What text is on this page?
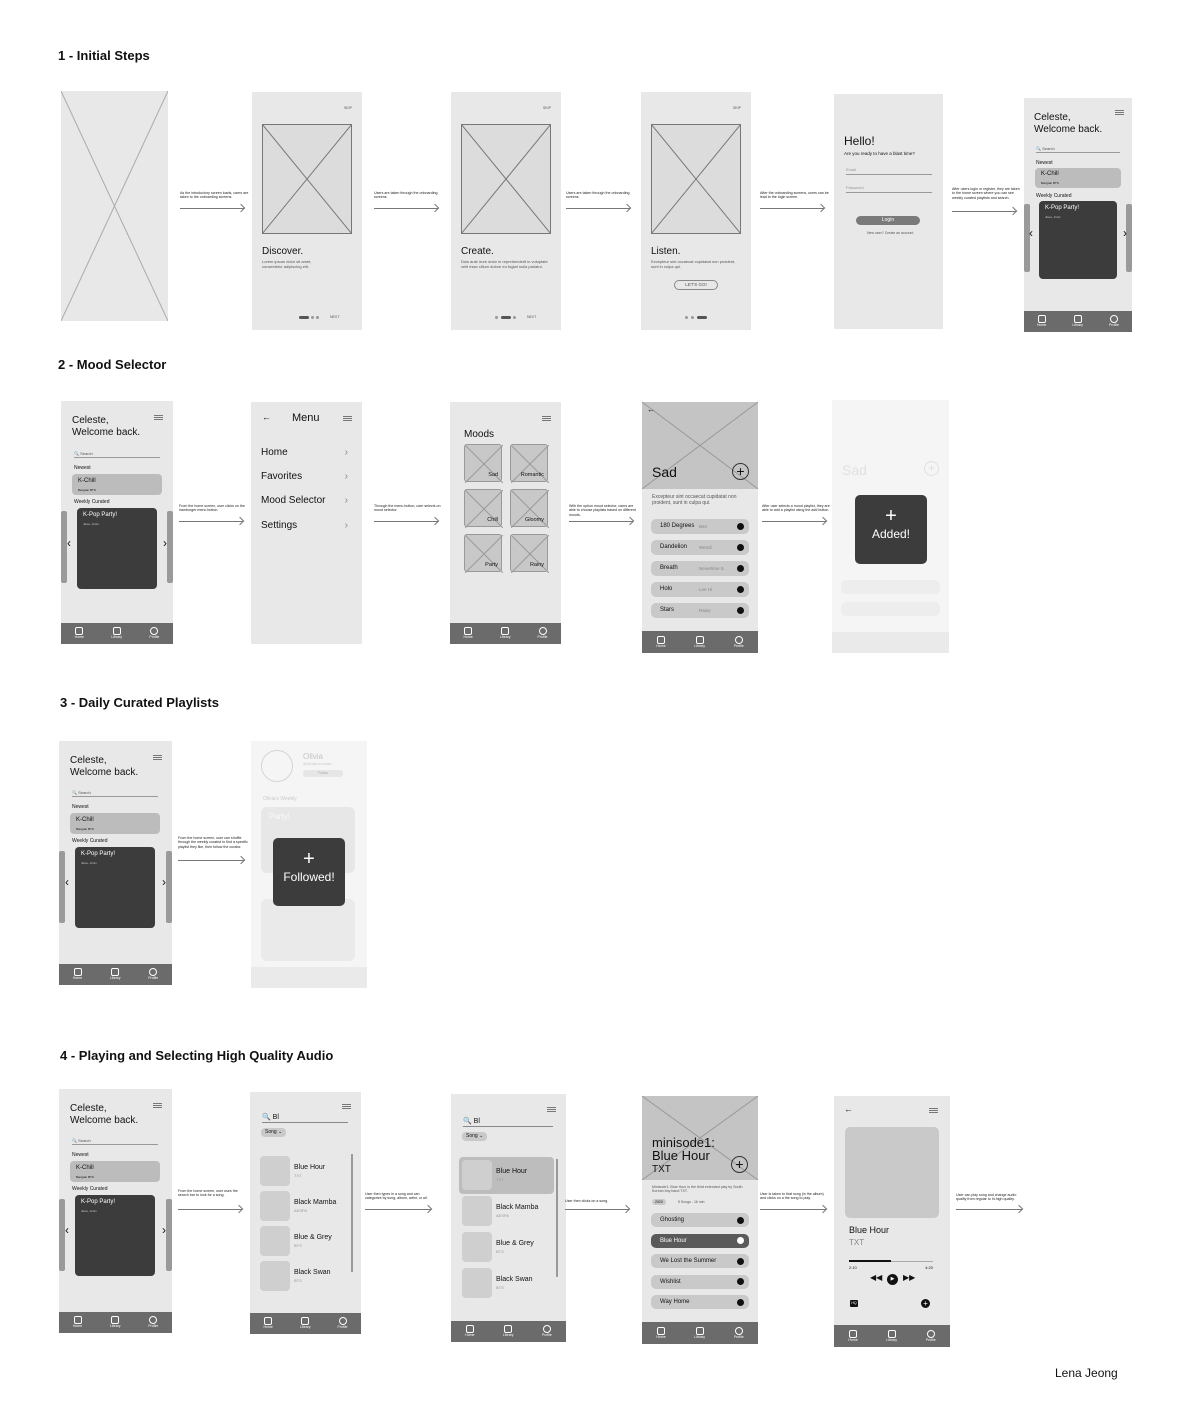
1 - Initial Steps
2 - Mood Selector
3 - Daily Curated Playlists
4 - Playing and Selecting High Quality Audio
As the introductory screen loads, users are taken to the onboarding screens.
SKIP
Discover.
Lorem ipsum dolor sit amet, consectetur adipiscing elit.
NEXT
Users are taken through the onboarding screens.
SKIP
Create.
Duis aute irure dolor in reprehenderit in voluptate velit esse cillum dolore eu fugiat nulla pariatur.
NEXT
Users are taken through the onboarding screens.
SKIP
Listen.
Excepteur sint occaecat cupidatat non proident, sunt in culpa qui.
LET'S GO!
After the onboarding screens, users can be lead to the login screen.
Hello!
Are you ready to have a blast time?
Email
Password
Login
New user? Create an account
After users login or register, they are taken to the home screen where you can see weekly curated playlists and search.
Celeste,
Welcome back.
🔍 Search
Newest
K-Chill
Bangtan BTS
Weekly Curated
K-Pop Party!
Jisoo, Jimin
‹	›
Home	Library	Profile
Celeste,
Welcome back.
🔍 Search
Newest
K-Chill
Bangtan BTS
Weekly Curated
K-Pop Party!
Jisoo, Jimin
‹	›
Home	Library	Profile
From the home screen, user clicks on the hamburger menu button.
← Menu
Home	›
Favorites	›
Mood Selector ›
Settings	›
Through the menu button, user selects on mood selector.
Moods
Sad	Romantic
Chill	Gloomy
Party	Rainy
Home	Library	Profile
With the option mood selector, users are able to choose playlists based on different moods.
←
Sad	+
Excepteur sint occaecat cupidatat non proident, sunt in culpa qui.
180 Degrees Ben
Dandelion	Wendi
Breath	Nevertime S.
Holo	Lee Hi
Stars	Rainy
Home	Library	Profile
After user selects a mood playlist, they are able to add a playlist using the add button.
Sad	+
+
Added!
Celeste,
Welcome back.
🔍 Search
Newest
K-Chill
Bangtan BTS
Weekly Curated
K-Pop Party!
Jisoo, Jimin
‹	›
Home	Library	Profile
From the home screen, user can shuffle through the weekly curated to find a specific playlist they like, then follow the curator.
Olivia
@olivialovesmusic
Follow
Olivia's Weekly
Party!
+
Followed!
Celeste,
Welcome back.
🔍 Search
Newest
K-Chill
Bangtan BTS
Weekly Curated
K-Pop Party!
Jisoo, Jimin
‹	›
Home	Library	Profile
From the home screen, user uses the search bar to look for a song.
🔍 Bl
Song ⌄
Blue Hour
TXT
Black Mamba
AESPA
Blue & Grey
BTS
Black Swan
BTS
Home	Library	Profile
User then types in a song and can categorize by song, album, artist, or all.
🔍 Bl
Song ⌄
Blue Hour
TXT
Black Mamba
AESPA
Blue & Grey
BTS
Black Swan
BTS
Home	Library	Profile
User then clicks on a song.
minisode1:
Blue Hour
TXT	+
Minisode1: Blue Hour is the third extended play by South Korean boy band TXT.
2020	5 Songs - 16 min
Ghosting
Blue Hour
We Lost the Summer
Wishlist
Way Home
Home	Library	Profile
User is taken to that song (in the album) and clicks on a the song to play.
←
Blue Hour
TXT
2:10	4:20
◀◀	▶	▶▶
HQ	+
Home	Library	Profile
User can play song and change audio quality from regular to hi-high quality.
Lena Jeong
